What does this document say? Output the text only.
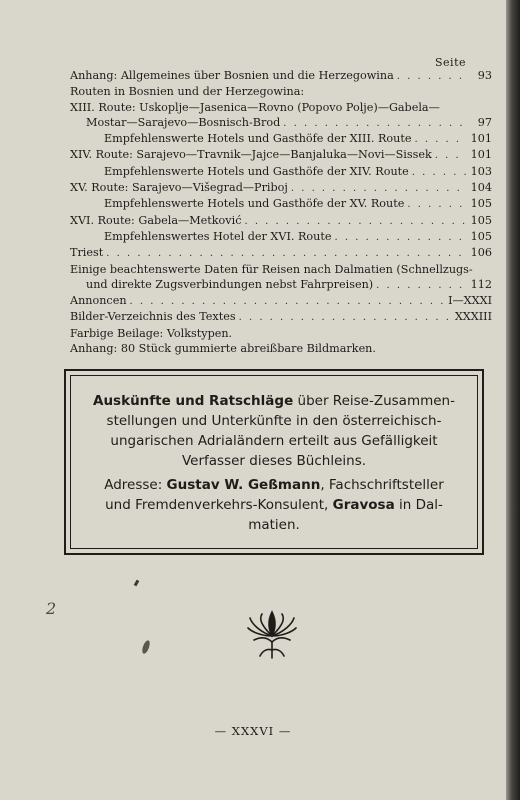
Seite
Anhang: Allgemeines über Bosnien und die Herzegowina . . .	93
Routen in Bosnien und der Herzegowina:
XIII. Route: Uskoplje—Jasenica—Rovno (Popovo Polje)—Gabela—
Mostar—Sarajevo—Bosnisch-Brod . . .	97
Empfehlenswerte Hotels und Gasthöfe der XIII. Route . . .	101
XIV. Route: Sarajevo—Travnik—Jajce—Banjaluka—Novi—Sissek . . .	101
Empfehlenswerte Hotels und Gasthöfe der XIV. Route . . .	103
XV. Route: Sarajevo—Višegrad—Priboj . . .	104
Empfehlenswerte Hotels und Gasthöfe der XV. Route . . .	105
XVI. Route: Gabela—Metković . . .	105
Empfehlenswertes Hotel der XVI. Route . . .	105
Triest . . .	106
Einige beachtenswerte Daten für Reisen nach Dalmatien (Schnellzugs-
und direkte Zugsverbindungen nebst Fahrpreisen) . . .	112
Annoncen . . .	I—XXXI
Bilder-Verzeichnis des Textes . . .	XXXIII
Farbige Beilage: Volkstypen.
Anhang: 80 Stück gummierte abreißbare Bildmarken.
Auskünfte und Ratschläge über Reise-Zusammen-
stellungen und Unterkünfte in den österreichisch-
ungarischen Adrialändern erteilt aus Gefälligkeit
Verfasser dieses Büchleins.
Adresse: Gustav W. Geßmann, Fachschriftsteller
und Fremdenverkehrs-Konsulent, Gravosa in Dal-
matien.
2
— XXXVI —
